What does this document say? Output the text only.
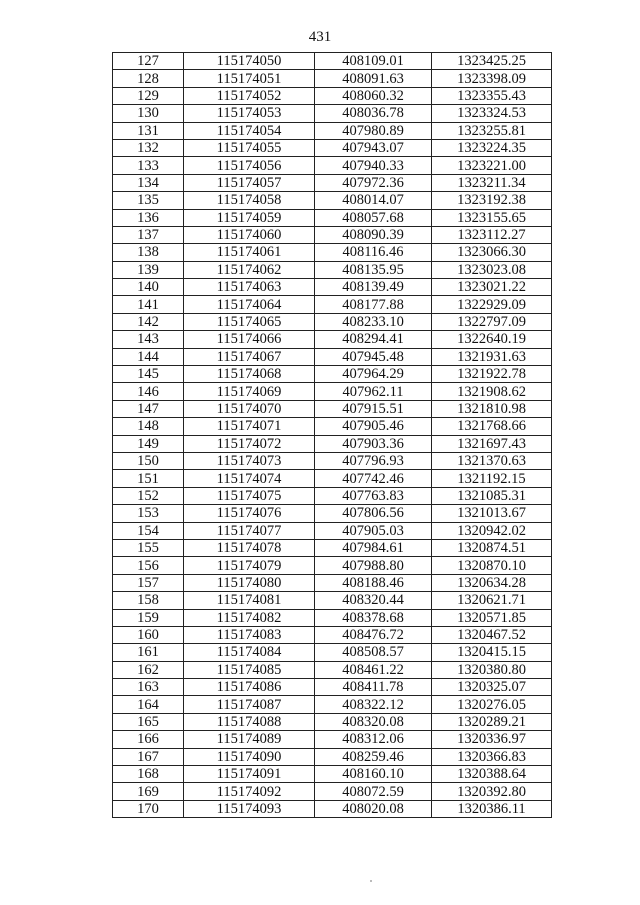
431
127	115174050	408109.01	1323425.25
128	115174051	408091.63	1323398.09
129	115174052	408060.32	1323355.43
130	115174053	408036.78	1323324.53
131	115174054	407980.89	1323255.81
132	115174055	407943.07	1323224.35
133	115174056	407940.33	1323221.00
134	115174057	407972.36	1323211.34
135	115174058	408014.07	1323192.38
136	115174059	408057.68	1323155.65
137	115174060	408090.39	1323112.27
138	115174061	408116.46	1323066.30
139	115174062	408135.95	1323023.08
140	115174063	408139.49	1323021.22
141	115174064	408177.88	1322929.09
142	115174065	408233.10	1322797.09
143	115174066	408294.41	1322640.19
144	115174067	407945.48	1321931.63
145	115174068	407964.29	1321922.78
146	115174069	407962.11	1321908.62
147	115174070	407915.51	1321810.98
148	115174071	407905.46	1321768.66
149	115174072	407903.36	1321697.43
150	115174073	407796.93	1321370.63
151	115174074	407742.46	1321192.15
152	115174075	407763.83	1321085.31
153	115174076	407806.56	1321013.67
154	115174077	407905.03	1320942.02
155	115174078	407984.61	1320874.51
156	115174079	407988.80	1320870.10
157	115174080	408188.46	1320634.28
158	115174081	408320.44	1320621.71
159	115174082	408378.68	1320571.85
160	115174083	408476.72	1320467.52
161	115174084	408508.57	1320415.15
162	115174085	408461.22	1320380.80
163	115174086	408411.78	1320325.07
164	115174087	408322.12	1320276.05
165	115174088	408320.08	1320289.21
166	115174089	408312.06	1320336.97
167	115174090	408259.46	1320366.83
168	115174091	408160.10	1320388.64
169	115174092	408072.59	1320392.80
170	115174093	408020.08	1320386.11
